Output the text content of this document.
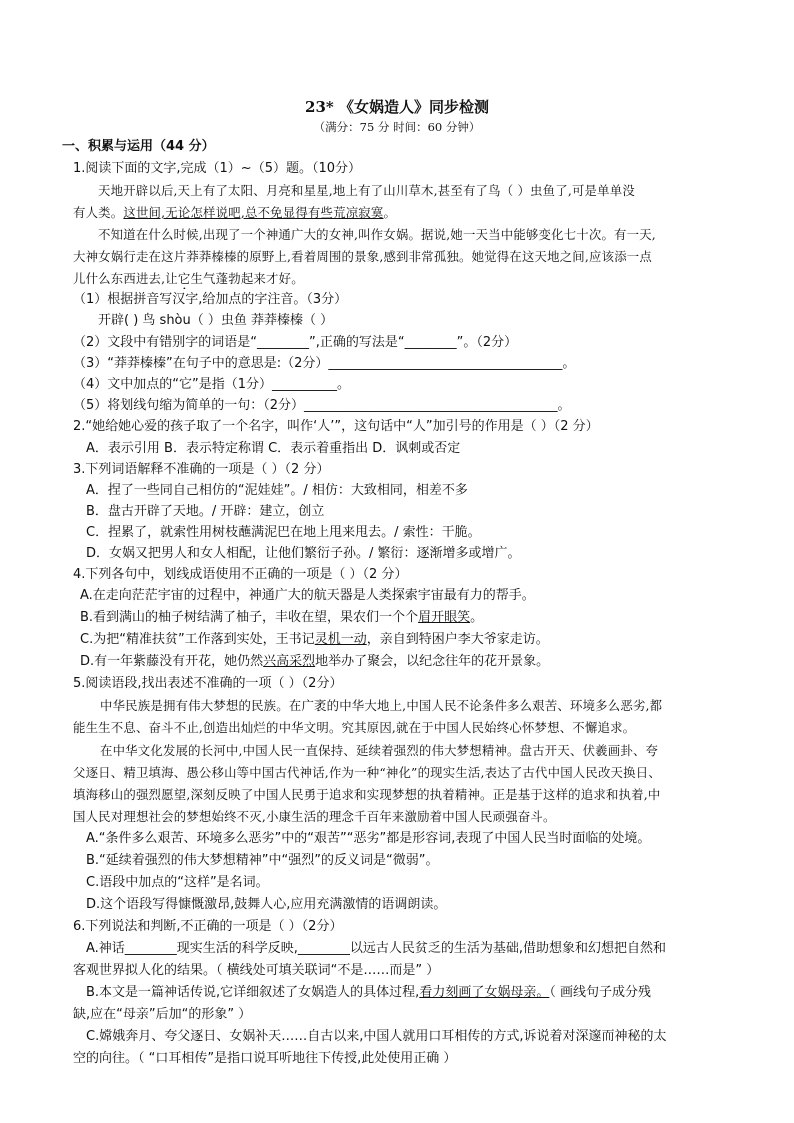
23* 《女娲造人》同步检测
（满分：75 分 时间：60 分钟）
一、积累与运用（44 分）
1.阅读下面的文字,完成（1）~（5）题。（10分）
天地开辟以后,天上有了太阳、月亮和星星,地上有了山川草木,甚至有了鸟（ ）虫鱼了,可是单单没
有人类。这世间,无论怎样说吧,总不免显得有些荒凉寂寞。
不知道在什么时候,出现了一个神通广大的女神,叫作女娲。据说,她一天当中能够变化七十次。有一天,
大神女娲行走在这片莽莽榛榛的原野上,看着周围的景象,感到非常孤独。她觉得在这天地之间,应该添一点
儿什么东西进去,让它生气蓬勃起来才好。
（1）根据拼音写汉字,给加点的字注音。（3分）
开辟( ) 鸟 shòu（ ）虫鱼 莽莽榛榛（ ）
（2）文段中有错别字的词语是“________”,正确的写法是“________”。（2分）
（3）“莽莽榛榛”在句子中的意思是:（2分）____________________________________。
（4）文中加点的“它”是指（1分）__________。
（5）将划线句缩为简单的一句：（2分）_______________________________________。
2.“她给她心爱的孩子取了一个名字，叫作‘人’”，这句话中“人”加引号的作用是（ ）（2 分）
A．表示引用 B．表示特定称谓 C．表示着重指出 D．讽刺或否定
3.下列词语解释不准确的一项是（ ）（2 分）
A．捏了一些同自己相仿的“泥娃娃”。/ 相仿：大致相同，相差不多
B．盘古开辟了天地。/ 开辟：建立，创立
C．捏累了，就索性用树枝蘸满泥巴在地上甩来甩去。/ 索性：干脆。
D．女娲又把男人和女人相配，让他们繁衍子孙。/ 繁衍：逐渐增多或增广。
4.下列各句中，划线成语使用不正确的一项是（ ）（2 分）
A.在走向茫茫宇宙的过程中，神通广大的航天器是人类探索宇宙最有力的帮手。
B.看到满山的柚子树结满了柚子，丰收在望，果农们一个个眉开眼笑。
C.为把“精准扶贫”工作落到实处，王书记灵机一动，亲自到特困户李大爷家走访。
D.有一年紫藤没有开花，她仍然兴高采烈地举办了聚会，以纪念往年的花开景象。
5.阅读语段,找出表述不准确的一项（ ）（2分）
中华民族是拥有伟大梦想的民族。在广袤的中华大地上,中国人民不论条件多么艰苦、环境多么恶劣,都
能生生不息、奋斗不止,创造出灿烂的中华文明。究其原因,就在于中国人民始终心怀梦想、不懈追求。
在中华文化发展的长河中,中国人民一直保持、延续着强烈的伟大梦想精神。盘古开天、伏羲画卦、夸
父逐日、精卫填海、愚公移山等中国古代神话,作为一种“神化”的现实生活,表达了古代中国人民改天换日、
填海移山的强烈愿望,深刻反映了中国人民勇于追求和实现梦想的执着精神。正是基于这样的追求和执着,中
国人民对理想社会的梦想始终不灭,小康生活的理念千百年来激励着中国人民顽强奋斗。
A.“条件多么艰苦、环境多么恶劣”中的“艰苦”“恶劣”都是形容词,表现了中国人民当时面临的处境。
B.“延续着强烈的伟大梦想精神”中“强烈”的反义词是“微弱”。
C.语段中加点的“这样”是名词。
D.这个语段写得慷慨激昂,鼓舞人心,应用充满激情的语调朗读。
6.下列说法和判断,不正确的一项是（ ）（2分）
A.神话________现实生活的科学反映,________以远古人民贫乏的生活为基础,借助想象和幻想把自然和
客观世界拟人化的结果。（ 横线处可填关联词“不是……而是” ）
B.本文是一篇神话传说,它详细叙述了女娲造人的具体过程,看力刻画了女娲母亲。（ 画线句子成分残
缺,应在“母亲”后加“的形象” ）
C.嫦娥奔月、夸父逐日、女娲补天……自古以来,中国人就用口耳相传的方式,诉说着对深邃而神秘的太
空的向往。（ “口耳相传”是指口说耳听地往下传授,此处使用正确 ）
